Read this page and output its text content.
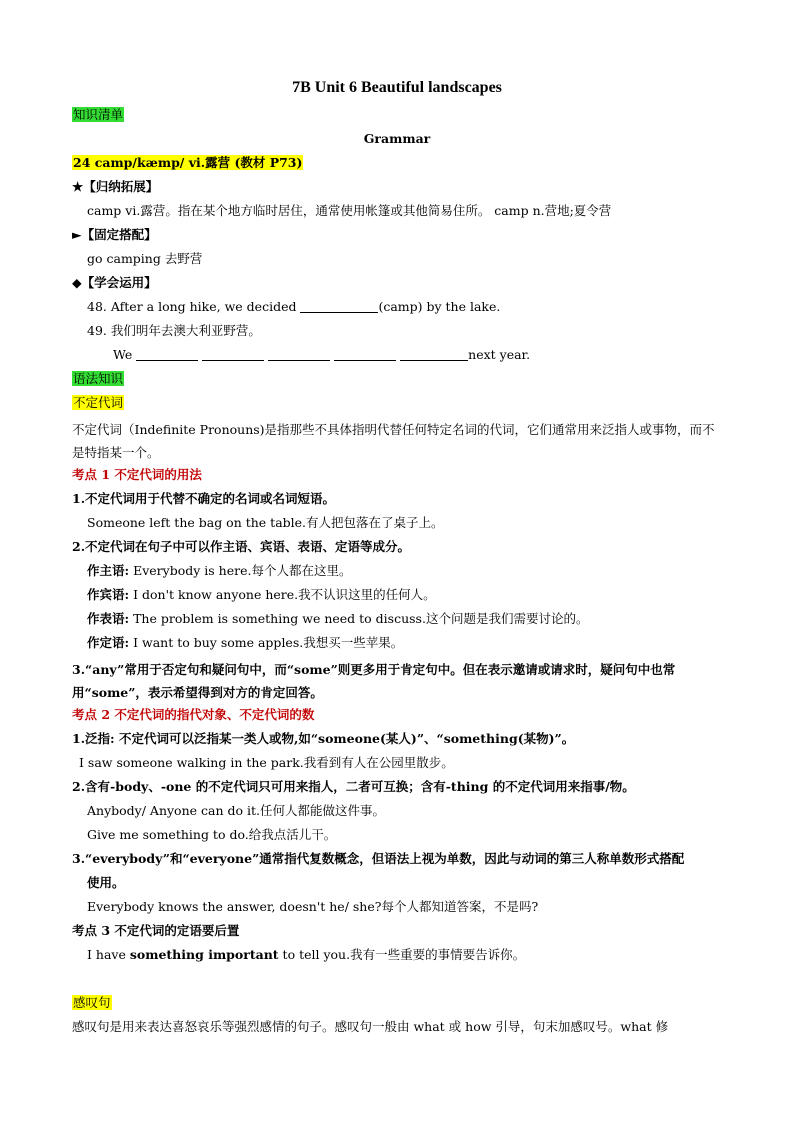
7B Unit 6 Beautiful landscapes
知识清单
Grammar
24 camp/kæmp/ vi.露营 (教材 P73)
★【归纳拓展】
camp vi.露营。指在某个地方临时居住，通常使用帐篷或其他简易住所。 camp n.营地;夏令营
►【固定搭配】
go camping 去野营
◆【学会运用】
48. After a long hike, we decided	(camp) by the lake.
49. 我们明年去澳大利亚野营。
We	next year.
语法知识
不定代词
不定代词（Indefinite Pronouns)是指那些不具体指明代替任何特定名词的代词，它们通常用来泛指人或事物，而不是特指某一个。
考点 1 不定代词的用法
1.不定代词用于代替不确定的名词或名词短语。
Someone left the bag on the table.有人把包落在了桌子上。
2.不定代词在句子中可以作主语、宾语、表语、定语等成分。
作主语: Everybody is here.每个人都在这里。
作宾语: I don't know anyone here.我不认识这里的任何人。
作表语: The problem is something we need to discuss.这个问题是我们需要讨论的。
作定语: I want to buy some apples.我想买一些苹果。
3.“any”常用于否定句和疑问句中，而“some”则更多用于肯定句中。但在表示邀请或请求时，疑问句中也常用“some”，表示希望得到对方的肯定回答。
考点 2 不定代词的指代对象、不定代词的数
1.泛指: 不定代词可以泛指某一类人或物,如“someone(某人)”、“something(某物)”。
I saw someone walking in the park.我看到有人在公园里散步。
2.含有-body、-one 的不定代词只可用来指人，二者可互换；含有-thing 的不定代词用来指事/物。
Anybody/ Anyone can do it.任何人都能做这件事。
Give me something to do.给我点活儿干。
3.“everybody”和“everyone”通常指代复数概念，但语法上视为单数，因此与动词的第三人称单数形式搭配
使用。
Everybody knows the answer, doesn't he/ she?每个人都知道答案，不是吗?
考点 3 不定代词的定语要后置
I have something important to tell you.我有一些重要的事情要告诉你。
感叹句
感叹句是用来表达喜怒哀乐等强烈感情的句子。感叹句一般由 what 或 how 引导，句末加感叹号。what 修
